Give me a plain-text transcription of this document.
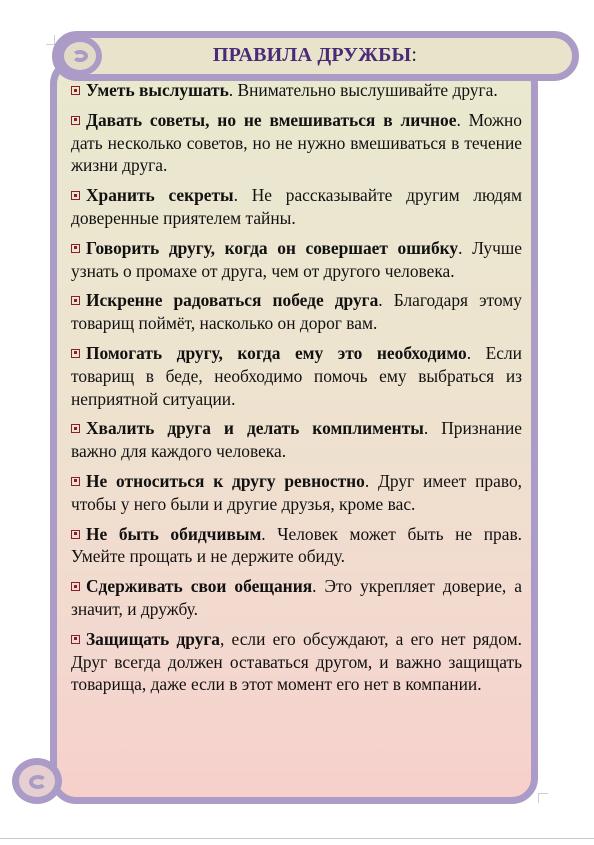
ПРАВИЛА ДРУЖБЫ:
Уметь выслушать. Внимательно выслушивайте друга.
Давать советы, но не вмешиваться в личное. Можно дать несколько советов, но не нужно вмешиваться в течение жизни друга.
Хранить секреты. Не рассказывайте другим людям доверенные приятелем тайны.
Говорить другу, когда он совершает ошибку. Лучше узнать о промахе от друга, чем от другого человека.
Искренне радоваться победе друга. Благодаря этому товарищ поймёт, насколько он дорог вам.
Помогать другу, когда ему это необходимо. Если товарищ в беде, необходимо помочь ему выбраться из неприятной ситуации.
Хвалить друга и делать комплименты. Признание важно для каждого человека.
Не относиться к другу ревностно. Друг имеет право, чтобы у него были и другие друзья, кроме вас.
Не быть обидчивым. Человек может быть не прав. Умейте прощать и не держите обиду.
Сдерживать свои обещания. Это укрепляет доверие, а значит, и дружбу.
Защищать друга, если его обсуждают, а его нет рядом. Друг всегда должен оставаться другом, и важно защищать товарища, даже если в этот момент его нет в компании.
